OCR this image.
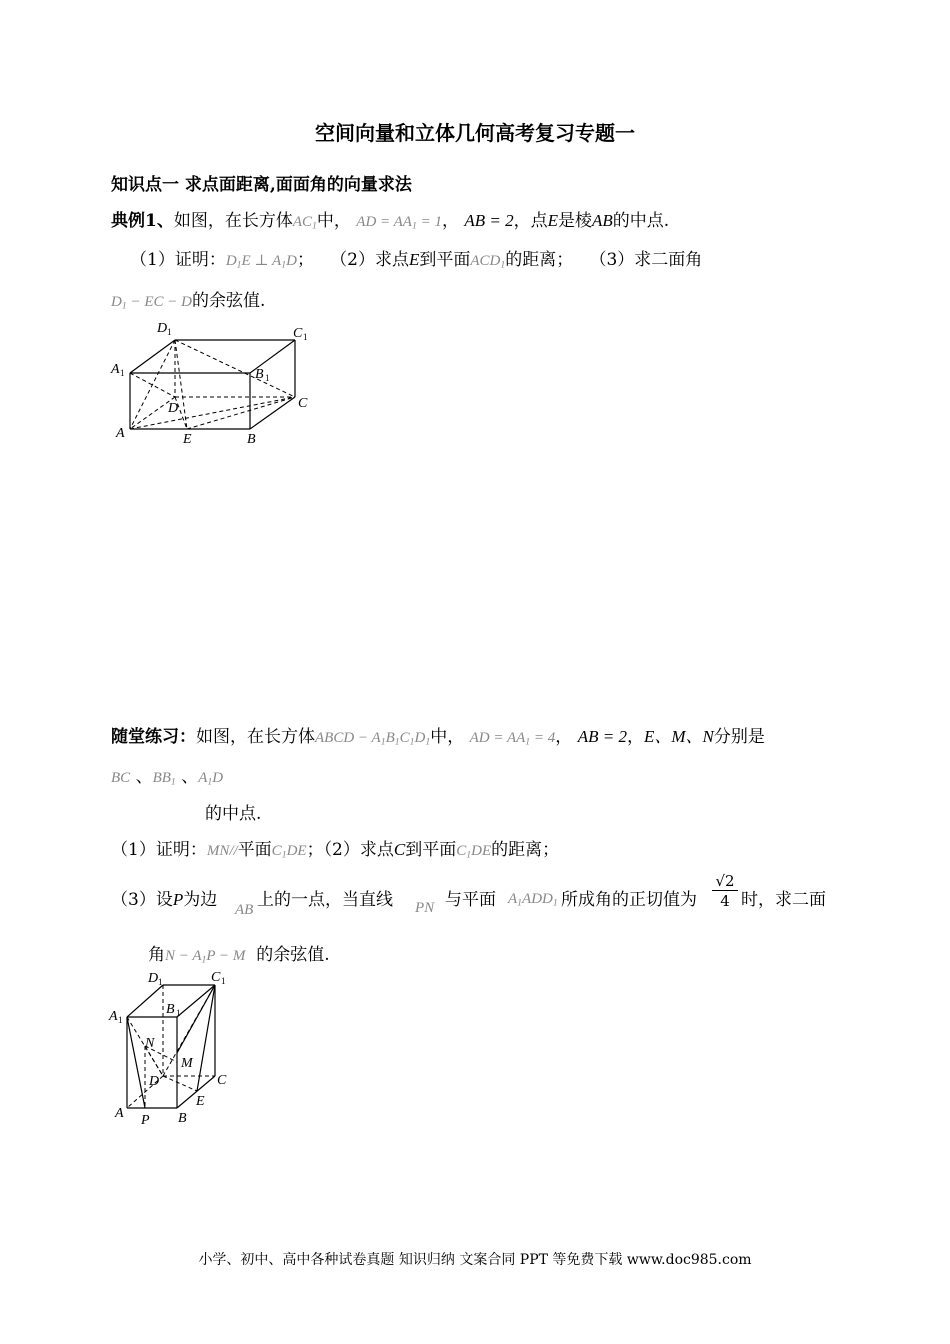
空间向量和立体几何高考复习专题一
知识点一 求点面距离,面面角的向量求法
典例1、如图，在长方体$AC_1$中， AD = $AA_1 = 1$， AB = 2，点E是棱AB的中点.
（1）证明：$D_1E$ ⊥ $A_1D$； （2）求点E到平面$ACD_1$的距离； （3）求二面角
$D_1$ − EC − D的余弦值.
D 1	C 1
A 1	B 1
D	C
A	E	B
随堂练习：如图，在长方体ABCD − $A_1B_1C_1D_1$中， AD = $AA_1 = 4$， AB = 2，E、M、N分别是
BC 、$BB_1$ 、$A_1D$
的中点.
（1）证明：MN//平面$C_1DE$；（2）求点C到平面$C_1DE$的距离；
（3）设P为边 AB 上的一点，当直线 PN 与平面 $A_1ADD_1$ 所成角的正切值为 $\frac{√2}{4}$ 时，求二面
角$N - A_1P - M$ 的余弦值.
D 1	C 1
A 1
B 1
N
M
D	C
E
A P B
小学、初中、高中各种试卷真题 知识归纳 文案合同 PPT 等免费下载 www.doc985.com
